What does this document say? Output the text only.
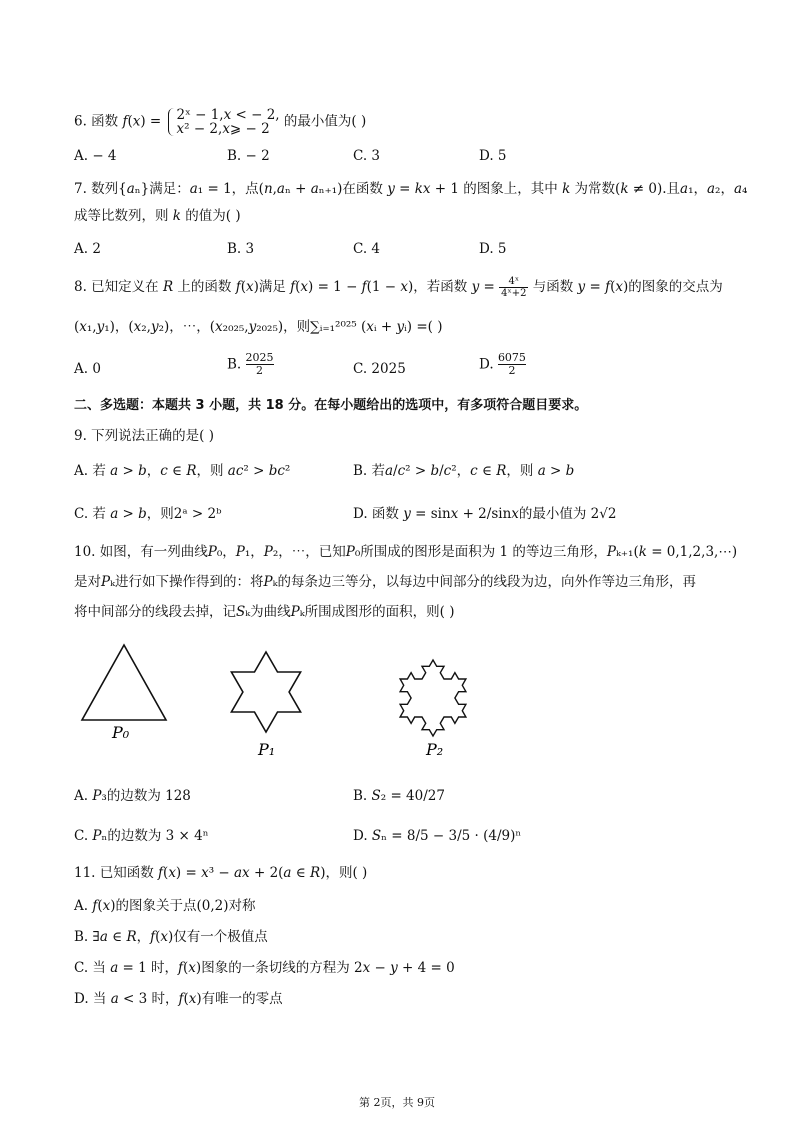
6. 函数 𝑓(𝑥) = 2ˣ − 1,𝑥 < − 2,
𝑥² − 2,𝑥⩾ − 2	的最小值为( )
A. − 4	B. − 2	C. 3	D. 5
7. 数列{𝑎ₙ}满足：𝑎₁ = 1，点(𝑛,𝑎ₙ + 𝑎ₙ₊₁)在函数 𝑦 = 𝑘𝑥 + 1 的图象上，其中 𝑘 为常数(𝑘 ≠ 0).且𝑎₁，𝑎₂，𝑎₄
成等比数列，则 𝑘 的值为( )
A. 2	B. 3	C. 4	D. 5
8. 已知定义在 𝑅 上的函数 𝑓(𝑥)满足 𝑓(𝑥) = 1 − 𝑓(1 − 𝑥)，若函数 𝑦 = $\frac{\text{4ˣ}}{\text{4ˣ+2}}$ 与函数 𝑦 = 𝑓(𝑥)的图象的交点为
(𝑥₁,𝑦₁)，(𝑥₂,𝑦₂)，⋯，(𝑥₂₀₂₅,𝑦₂₀₂₅)，则∑ᵢ₌₁²⁰²⁵ (𝑥ᵢ + 𝑦ᵢ) =( )
A. 0	B. $\frac{2025}{2}$	C. 2025	D. $\frac{6075}{2}$
二、多选题：本题共 3 小题，共 18 分。在每小题给出的选项中，有多项符合题目要求。
9. 下列说法正确的是( )
A. 若 𝑎 > 𝑏，𝑐 ∈ 𝑅，则 𝑎𝑐² > 𝑏𝑐²	B. 若𝑎/𝑐² > 𝑏/𝑐²，𝑐 ∈ 𝑅，则 𝑎 > 𝑏
C. 若 𝑎 > 𝑏，则2ᵃ > 2ᵇ	D. 函数 𝑦 = sin𝑥 + 2/sin𝑥的最小值为 2√2
10. 如图，有一列曲线𝑃₀，𝑃₁，𝑃₂，⋯，已知𝑃₀所围成的图形是面积为 1 的等边三角形，𝑃ₖ₊₁(𝑘 = 0,1,2,3,⋯)
是对𝑃ₖ进行如下操作得到的：将𝑃ₖ的每条边三等分，以每边中间部分的线段为边，向外作等边三角形，再
将中间部分的线段去掉，记𝑆ₖ为曲线𝑃ₖ所围成图形的面积，则( )
P₀
P₁	P₂
A. 𝑃₃的边数为 128	B. 𝑆₂ = 40/27
C. 𝑃ₙ的边数为 3 × 4ⁿ	D. 𝑆ₙ = 8/5 − 3/5 · (4/9)ⁿ
11. 已知函数 𝑓(𝑥) = 𝑥³ − 𝑎𝑥 + 2(𝑎 ∈ 𝑅)，则( )
A. 𝑓(𝑥)的图象关于点(0,2)对称
B. ∃𝑎 ∈ 𝑅，𝑓(𝑥)仅有一个极值点
C. 当 𝑎 = 1 时，𝑓(𝑥)图象的一条切线的方程为 2𝑥 − 𝑦 + 4 = 0
D. 当 𝑎 < 3 时，𝑓(𝑥)有唯一的零点
第 2页，共 9页
